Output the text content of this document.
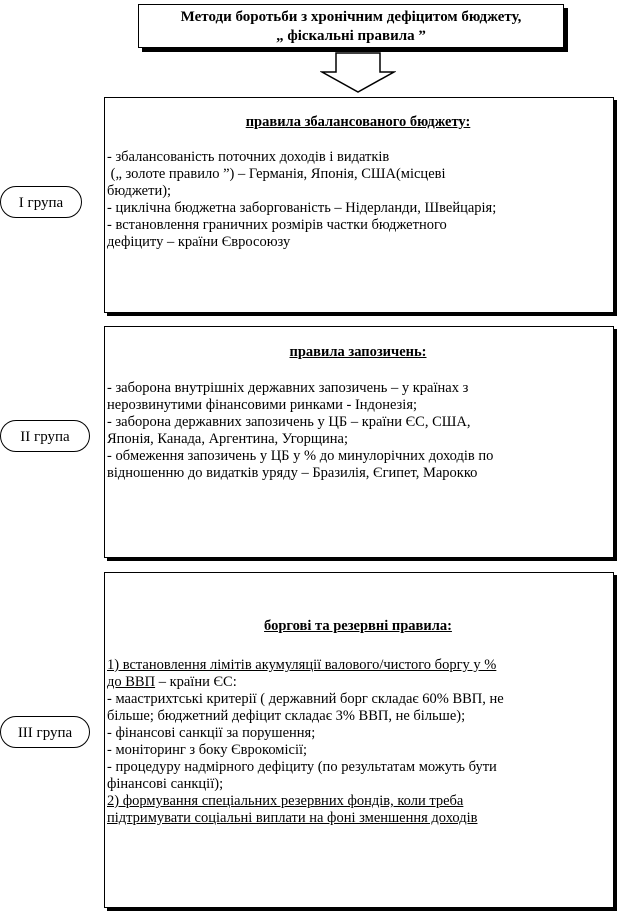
Методи боротьби з хронічним дефіцитом бюджету,
„ фіскальні правила ”
I група
правила збалансованого бюджету:
- збалансованість поточних доходів і видатків
(„ золоте правило ”) – Германія, Японія, США(місцеві
бюджети);
- циклічна бюджетна заборгованість – Нідерланди, Швейцарія;
- встановлення граничних розмірів частки бюджетного
дефіциту – країни Євросоюзу
II група
правила запозичень:
- заборона внутрішніх державних запозичень – у країнах з
нерозвинутими фінансовими ринками - Індонезія;
- заборона державних запозичень у ЦБ – країни ЄС, США,
Японія, Канада, Аргентина, Угорщина;
- обмеження запозичень у ЦБ у % до минулорічних доходів по
відношенню до видатків уряду – Бразилія, Єгипет, Марокко
III група
боргові та резервні правила:
1) встановлення лімітів акумуляції валового/чистого боргу у %
до ВВП – країни ЄС:
- маастрихтські критерії ( державний борг складає 60% ВВП, не
більше; бюджетний дефіцит складає 3% ВВП, не більше);
- фінансові санкції за порушення;
- моніторинг з боку Єврокомісії;
- процедуру надмірного дефіциту (по результатам можуть бути
фінансові санкції);
2) формування спеціальних резервних фондів, коли треба
підтримувати соціальні виплати на фоні зменшення доходів
